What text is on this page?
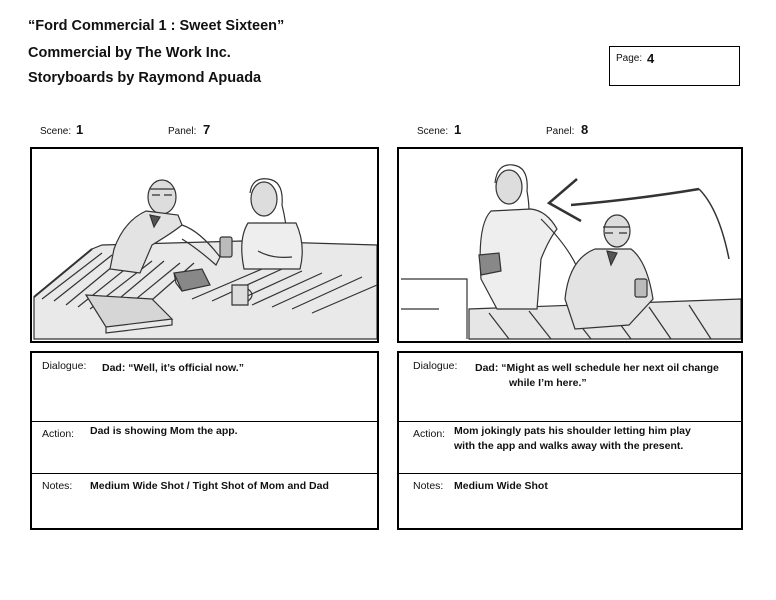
“Ford Commercial 1 : Sweet Sixteen”
Commercial by The Work Inc.
Storyboards by Raymond Apuada
Page: 4
Scene: 1	Panel: 7	Scene: 1	Panel: 8
Dialogue: Dad: “Well, it’s official now.”
Action: Dad is showing Mom the app.
Notes: Medium Wide Shot / Tight Shot of Mom and Dad
Dialogue: Dad: “Might as well schedule her next oil change
while I’m here.”
Action: Mom jokingly pats his shoulder letting him play
with the app and walks away with the present.
Notes: Medium Wide Shot
